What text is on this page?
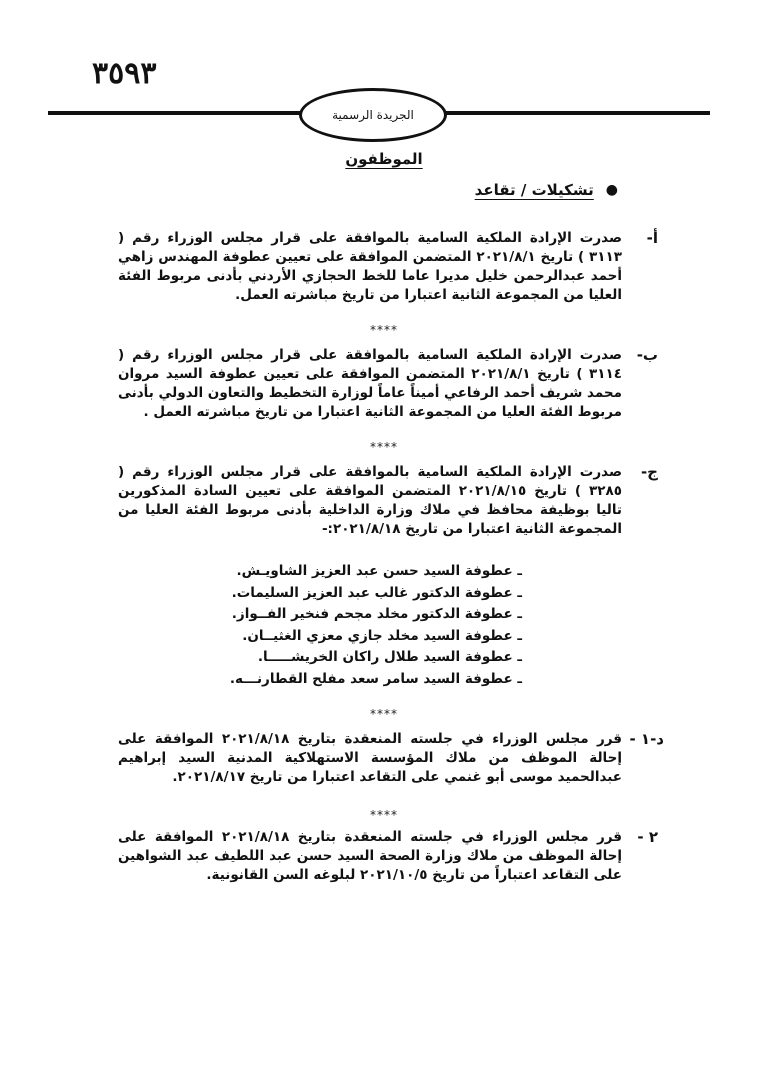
٣٥٩٣
الجريدة الرسمية
الموظفون
●
تشكيلات / تقاعد
أ-
صدرت الإرادة الملكية السامية بالموافقة على قرار مجلس الوزراء رقم ( ٣١١٣ ) تاريخ ٢٠٢١/٨/١ المتضمن الموافقة على تعيين عطوفة المهندس زاهي أحمد عبدالرحمن خليل مديرا عاما للخط الحجازي الأردني بأدنى مربوط الفئة العليا من المجموعة الثانية اعتبارا من تاريخ مباشرته العمل.
****
ب-
صدرت الإرادة الملكية السامية بالموافقة على قرار مجلس الوزراء رقم ( ٣١١٤ ) تاريخ ٢٠٢١/٨/١ المتضمن الموافقة على تعيين عطوفة السيد مروان محمد شريف أحمد الرفاعي أميناً عاماً لوزارة التخطيط والتعاون الدولي بأدنى مربوط الفئة العليا من المجموعة الثانية اعتبارا من تاريخ مباشرته العمل .
****
ج-
صدرت الإرادة الملكية السامية بالموافقة على قرار مجلس الوزراء رقم ( ٣٢٨٥ ) تاريخ ٢٠٢١/٨/١٥ المتضمن الموافقة على تعيين السادة المذكورين تاليا بوظيفة محافظ في ملاك وزارة الداخلية بأدنى مربوط الفئة العليا من المجموعة الثانية اعتبارا من تاريخ ٢٠٢١/٨/١٨:-
ـ عطوفة السيد حسن عبد العزيز الشاويـش.
ـ عطوفة الدكتور غالب عبد العزيز السليمات.
ـ عطوفة الدكتور مخلد مجحم فنخير الفــواز.
ـ عطوفة السيد مخلد جازي معزي الغثيــان.
ـ عطوفة السيد طلال راكان الخريشـــــا.
ـ عطوفة السيد سامر سعد مفلح القطارنـــه.
****
د-١ -
قرر مجلس الوزراء في جلسته المنعقدة بتاريخ ٢٠٢١/٨/١٨ الموافقة على إحالة الموظف من ملاك المؤسسة الاستهلاكية المدنية السيد إبراهيم عبدالحميد موسى أبو غنمي على التقاعد اعتبارا من تاريخ ٢٠٢١/٨/١٧.
****
٢ -
قرر مجلس الوزراء في جلسته المنعقدة بتاريخ ٢٠٢١/٨/١٨ الموافقة على إحالة الموظف من ملاك وزارة الصحة السيد حسن عبد اللطيف عبد الشواهين على التقاعد اعتباراً من تاريخ ٢٠٢١/١٠/٥ لبلوغه السن القانونية.
